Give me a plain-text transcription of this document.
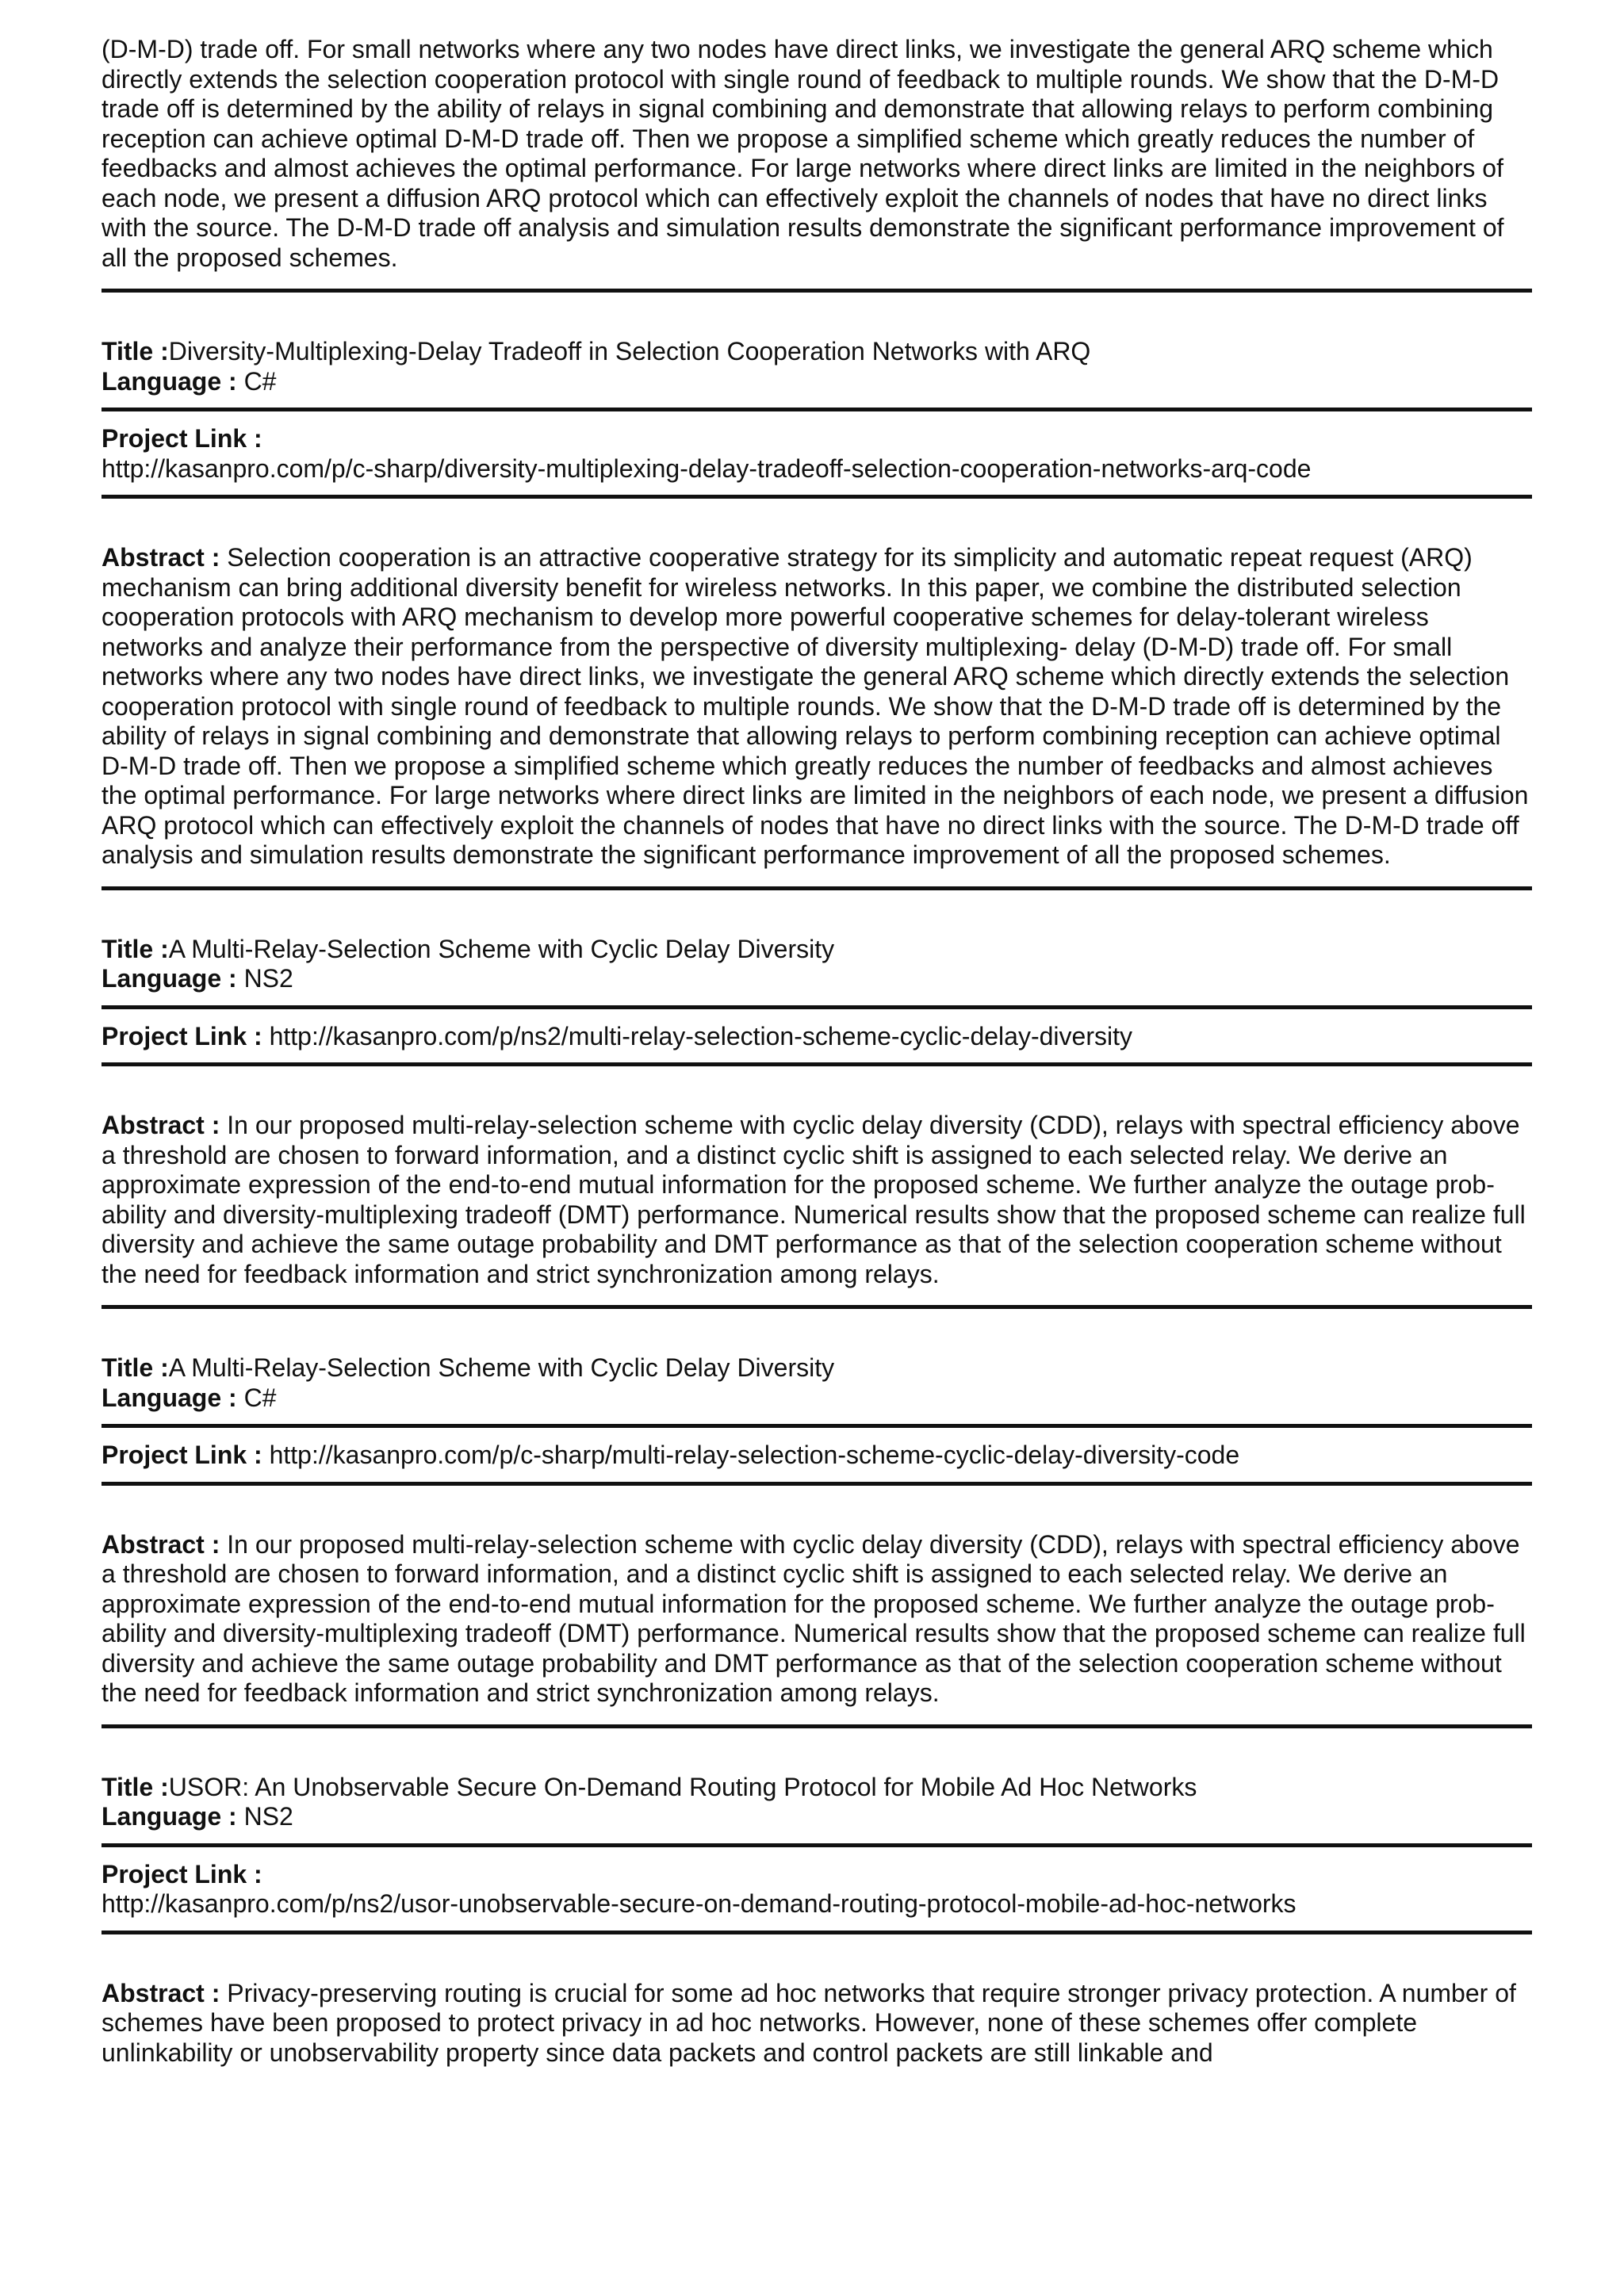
(D-M-D) trade off. For small networks where any two nodes have direct links, we investigate the general ARQ scheme which directly extends the selection cooperation protocol with single round of feedback to multiple rounds. We show that the D-M-D trade off is determined by the ability of relays in signal combining and demonstrate that allowing relays to perform combining reception can achieve optimal D-M-D trade off. Then we propose a simplified scheme which greatly reduces the number of feedbacks and almost achieves the optimal performance. For large networks where direct links are limited in the neighbors of each node, we present a diffusion ARQ protocol which can effectively exploit the channels of nodes that have no direct links with the source. The D-M-D trade off analysis and simulation results demonstrate the significant performance improvement of all the proposed schemes.

Title :Diversity-Multiplexing-Delay Tradeoff in Selection Cooperation Networks with ARQ
Language : C#
Project Link :
http://kasanpro.com/p/c-sharp/diversity-multiplexing-delay-tradeoff-selection-cooperation-networks-arq-code

Abstract : Selection cooperation is an attractive cooperative strategy for its simplicity and automatic repeat request (ARQ) mechanism can bring additional diversity benefit for wireless networks. In this paper, we combine the distributed selection cooperation protocols with ARQ mechanism to develop more powerful cooperative schemes for delay-tolerant wireless networks and analyze their performance from the perspective of diversity multiplexing- delay (D-M-D) trade off. For small networks where any two nodes have direct links, we investigate the general ARQ scheme which directly extends the selection cooperation protocol with single round of feedback to multiple rounds. We show that the D-M-D trade off is determined by the ability of relays in signal combining and demonstrate that allowing relays to perform combining reception can achieve optimal D-M-D trade off. Then we propose a simplified scheme which greatly reduces the number of feedbacks and almost achieves the optimal performance. For large networks where direct links are limited in the neighbors of each node, we present a diffusion ARQ protocol which can effectively exploit the channels of nodes that have no direct links with the source. The D-M-D trade off analysis and simulation results demonstrate the significant performance improvement of all the proposed schemes.

Title :A Multi-Relay-Selection Scheme with Cyclic Delay Diversity
Language : NS2
Project Link : http://kasanpro.com/p/ns2/multi-relay-selection-scheme-cyclic-delay-diversity

Abstract : In our proposed multi-relay-selection scheme with cyclic delay diversity (CDD), relays with spectral efficiency above a threshold are chosen to forward information, and a distinct cyclic shift is assigned to each selected relay. We derive an approximate expression of the end-to-end mutual information for the proposed scheme. We further analyze the outage prob- ability and diversity-multiplexing tradeoff (DMT) performance. Numerical results show that the proposed scheme can realize full diversity and achieve the same outage probability and DMT performance as that of the selection cooperation scheme without the need for feedback information and strict synchronization among relays.

Title :A Multi-Relay-Selection Scheme with Cyclic Delay Diversity
Language : C#
Project Link : http://kasanpro.com/p/c-sharp/multi-relay-selection-scheme-cyclic-delay-diversity-code

Abstract : In our proposed multi-relay-selection scheme with cyclic delay diversity (CDD), relays with spectral efficiency above a threshold are chosen to forward information, and a distinct cyclic shift is assigned to each selected relay. We derive an approximate expression of the end-to-end mutual information for the proposed scheme. We further analyze the outage prob- ability and diversity-multiplexing tradeoff (DMT) performance. Numerical results show that the proposed scheme can realize full diversity and achieve the same outage probability and DMT performance as that of the selection cooperation scheme without the need for feedback information and strict synchronization among relays.

Title :USOR: An Unobservable Secure On-Demand Routing Protocol for Mobile Ad Hoc Networks
Language : NS2
Project Link :
http://kasanpro.com/p/ns2/usor-unobservable-secure-on-demand-routing-protocol-mobile-ad-hoc-networks

Abstract : Privacy-preserving routing is crucial for some ad hoc networks that require stronger privacy protection. A number of schemes have been proposed to protect privacy in ad hoc networks. However, none of these schemes offer complete unlinkability or unobservability property since data packets and control packets are still linkable and
